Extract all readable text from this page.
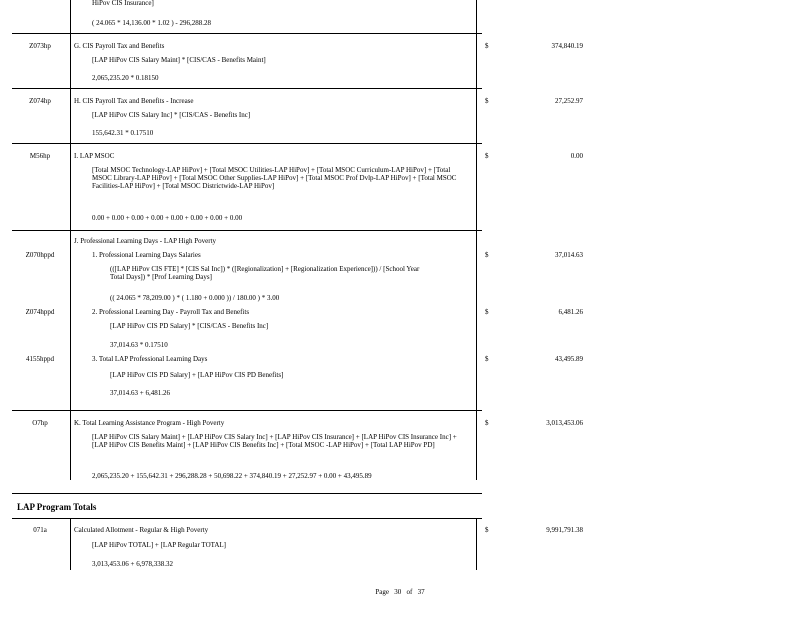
HiPov CIS Insurance]
( 24.065 * 14,136.00 * 1.02 ) - 296,288.28
Z073hp	G. CIS Payroll Tax and Benefits
[LAP HiPov CIS Salary Maint] * [CIS/CAS - Benefits Maint]
2,065,235.20 * 0.18150
$	374,840.19
Z074hp	H. CIS Payroll Tax and Benefits - Increase
[LAP HiPov CIS Salary Inc] * [CIS/CAS - Benefits Inc]
155,642.31 * 0.17510
$	27,252.97
M56hp	I. LAP MSOC
[Total MSOC Technology-LAP HiPov] + [Total MSOC Utilities-LAP HiPov] + [Total MSOC Curriculum-LAP HiPov] + [Total MSOC Library-LAP HiPov] + [Total MSOC Other Supplies-LAP HiPov] + [Total MSOC Prof Dvlp-LAP HiPov] + [Total MSOC Facilities-LAP HiPov] + [Total MSOC Districtwide-LAP HiPov]
0.00 + 0.00 + 0.00 + 0.00 + 0.00 + 0.00 + 0.00 + 0.00
$	0.00
J. Professional Learning Days - LAP High Poverty
Z070hppd	1. Professional Learning Days Salaries
(([LAP HiPov CIS FTE] * [CIS Sal Inc]) * ([Regionalization] + [Regionalization Experience])) / [School Year Total Days]) * [Prof Learning Days]
(( 24.065 * 78,209.00 ) * ( 1.180 + 0.000 )) / 180.00 ) * 3.00
$	37,014.63
Z074hppd	2. Professional Learning Day - Payroll Tax and Benefits
[LAP HiPov CIS PD Salary] * [CIS/CAS - Benefits Inc]
37,014.63 * 0.17510
$	6,481.26
4155hppd	3. Total LAP Professional Learning Days
[LAP HiPov CIS PD Salary] + [LAP HiPov CIS PD Benefits]
37,014.63 + 6,481.26
$	43,495.89
O7hp	K. Total Learning Assistance Program - High Poverty
[LAP HiPov CIS Salary Maint] + [LAP HiPov CIS Salary Inc] + [LAP HiPov CIS Insurance] + [LAP HiPov CIS Insurance Inc] + [LAP HiPov CIS Benefits Maint] + [LAP HiPov CIS Benefits Inc] + [Total MSOC -LAP HiPov] + [Total LAP HiPov PD]
2,065,235.20 + 155,642.31 + 296,288.28 + 50,698.22 + 374,840.19 + 27,252.97 + 0.00 + 43,495.89
$	3,013,453.06
LAP Program Totals
071a	Calculated Allotment - Regular & High Poverty
[LAP HiPov TOTAL] + [LAP Regular TOTAL]
3,013,453.06 + 6,978,338.32
$	9,991,791.38
Page 30 of 37
